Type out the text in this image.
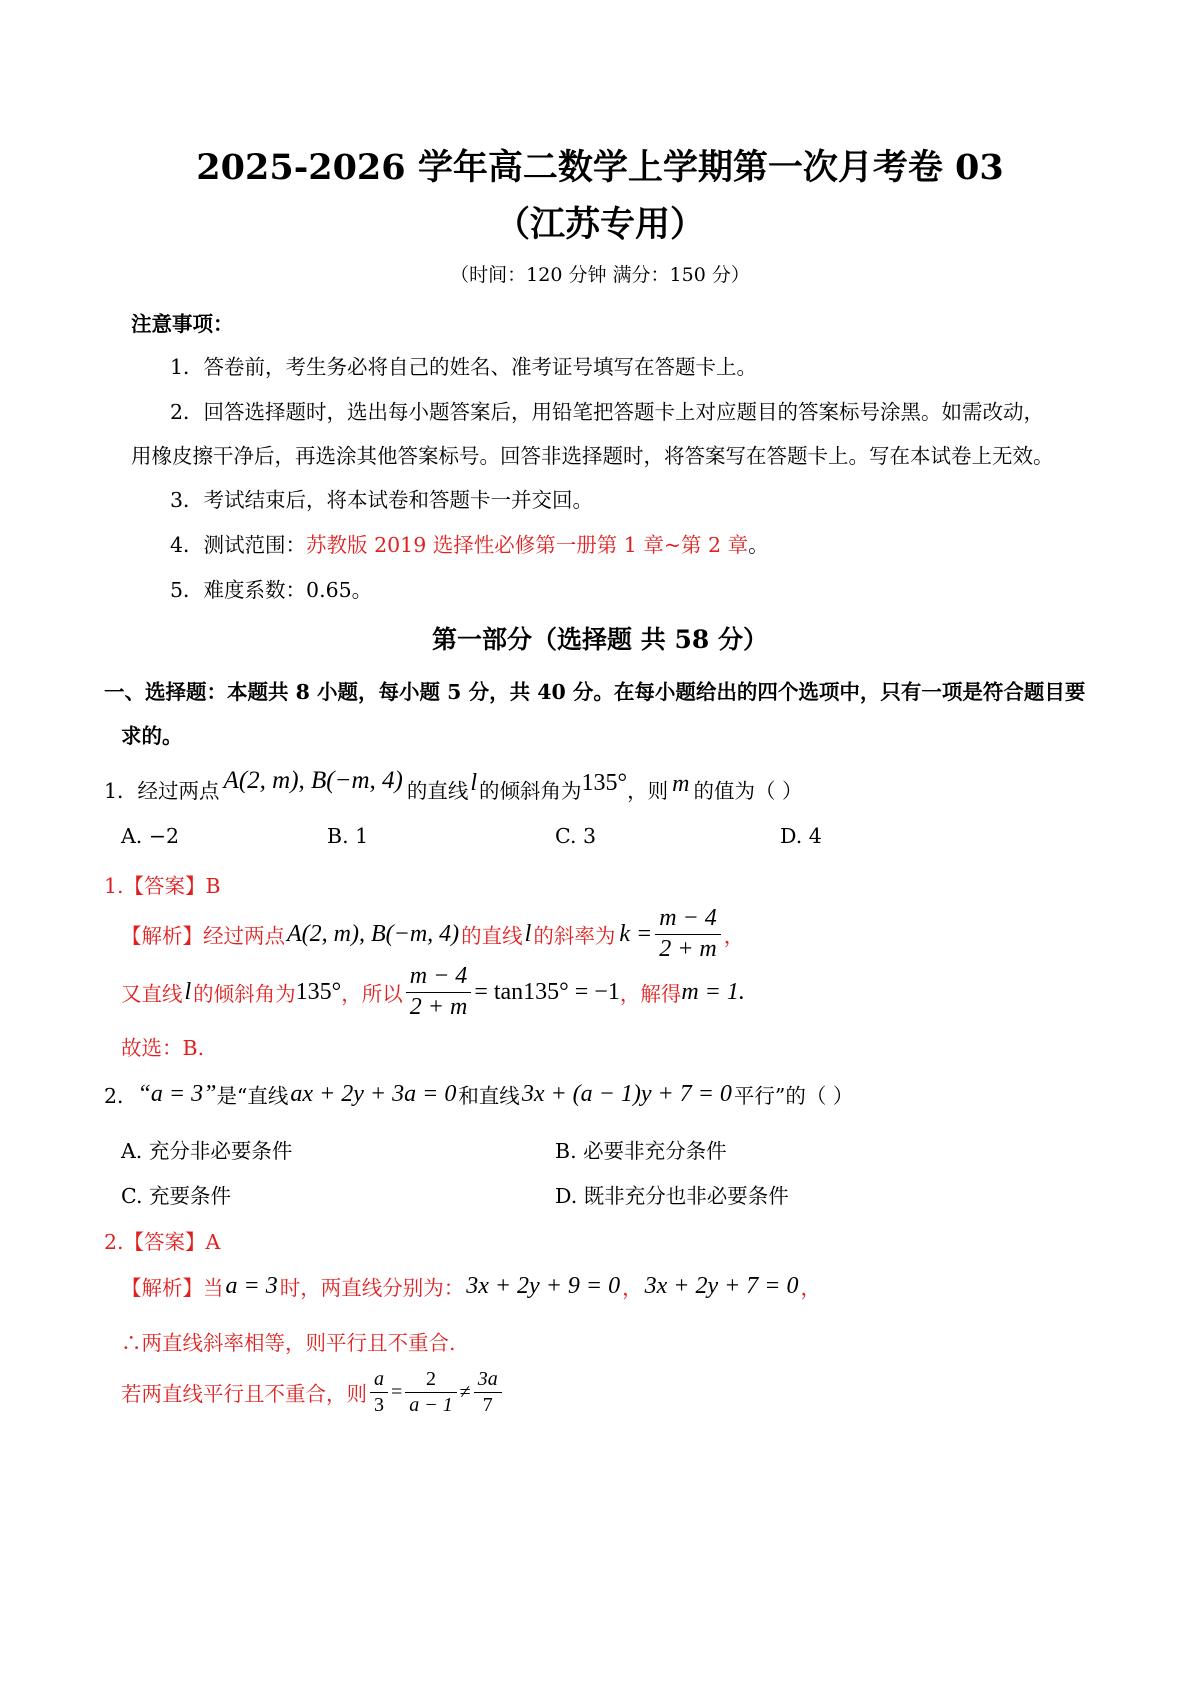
2025-2026 学年高二数学上学期第一次月考卷 03
（江苏专用）
（时间：120 分钟 满分：150 分）
注意事项：
1．答卷前，考生务必将自己的姓名、准考证号填写在答题卡上。
2．回答选择题时，选出每小题答案后，用铅笔把答题卡上对应题目的答案标号涂黑。如需改动，
用橡皮擦干净后，再选涂其他答案标号。回答非选择题时，将答案写在答题卡上。写在本试卷上无效。
3．考试结束后，将本试卷和答题卡一并交回。
4．测试范围：苏教版 2019 选择性必修第一册第 1 章~第 2 章。
5．难度系数：0.65。
第一部分（选择题 共 58 分）
一、选择题：本题共 8 小题，每小题 5 分，共 40 分。在每小题给出的四个选项中，只有一项是符合题目要
求的。
1．经过两点 A(2, m), B(−m, 4) 的直线 l 的倾斜角为 135° ，则 m 的值为（ ）
A. −2	B. 1	C. 3	D. 4
1.【答案】B
【解析】 经过两点 A(2, m), B(−m, 4) 的直线 l 的斜率为 $k = \frac{m - 4}{2 + m}$ ，
又直线 l 的倾斜角为 135° ，所以 $\frac{m - 4}{2 + m} = \tan 135^\circ = -1$ ，解得 m = 1.
故选：B.
2． “a = 3” 是“直线 ax + 2y + 3a = 0 和直线 3x + (a − 1)y + 7 = 0 平行”的（ ）
A. 充分非必要条件	B. 必要非充分条件
C. 充要条件	D. 既非充分也非必要条件
2.【答案】A
【解析】 当 a = 3 时，两直线分别为： 3x + 2y + 9 = 0 ， 3x + 2y + 7 = 0 ，
∴两直线斜率相等，则平行且不重合.
若两直线平行且不重合，则 $\frac{a}{3} = \frac{2}{a - 1} \ne \frac{3a}{7}$
